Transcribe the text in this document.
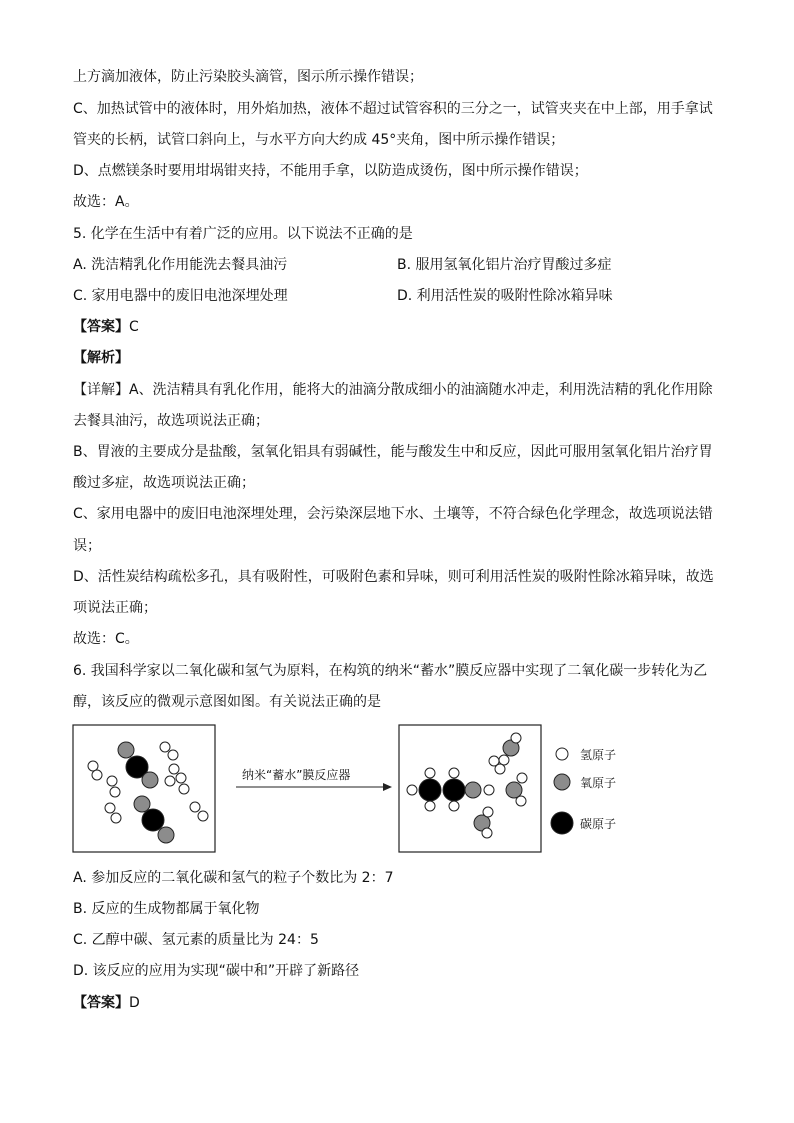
上方滴加液体，防止污染胶头滴管，图示所示操作错误；
C、加热试管中的液体时，用外焰加热，液体不超过试管容积的三分之一，试管夹夹在中上部，用手拿试
管夹的长柄，试管口斜向上，与水平方向大约成 45°夹角，图中所示操作错误；
D、点燃镁条时要用坩埚钳夹持，不能用手拿，以防造成烫伤，图中所示操作错误；
故选：A。
5. 化学在生活中有着广泛的应用。以下说法不正确的是
A. 洗洁精乳化作用能洗去餐具油污	B. 服用氢氧化铝片治疗胃酸过多症
C. 家用电器中的废旧电池深埋处理	D. 利用活性炭的吸附性除冰箱异味
【答案】C
【解析】
【详解】A、洗洁精具有乳化作用，能将大的油滴分散成细小的油滴随水冲走，利用洗洁精的乳化作用除
去餐具油污，故选项说法正确；
B、胃液的主要成分是盐酸，氢氧化铝具有弱碱性，能与酸发生中和反应，因此可服用氢氧化铝片治疗胃
酸过多症，故选项说法正确；
C、家用电器中的废旧电池深埋处理，会污染深层地下水、土壤等，不符合绿色化学理念，故选项说法错
误；
D、活性炭结构疏松多孔，具有吸附性，可吸附色素和异味，则可利用活性炭的吸附性除冰箱异味，故选
项说法正确；
故选：C。
6. 我国科学家以二氧化碳和氢气为原料，在构筑的纳米“蓄水”膜反应器中实现了二氧化碳一步转化为乙
醇，该反应的微观示意图如图。有关说法正确的是
纳米“蓄水”膜反应器
氢原子
氧原子
碳原子
A. 参加反应的二氧化碳和氢气的粒子个数比为 2：7
B. 反应的生成物都属于氧化物
C. 乙醇中碳、氢元素的质量比为 24：5
D. 该反应的应用为实现“碳中和”开辟了新路径
【答案】D
